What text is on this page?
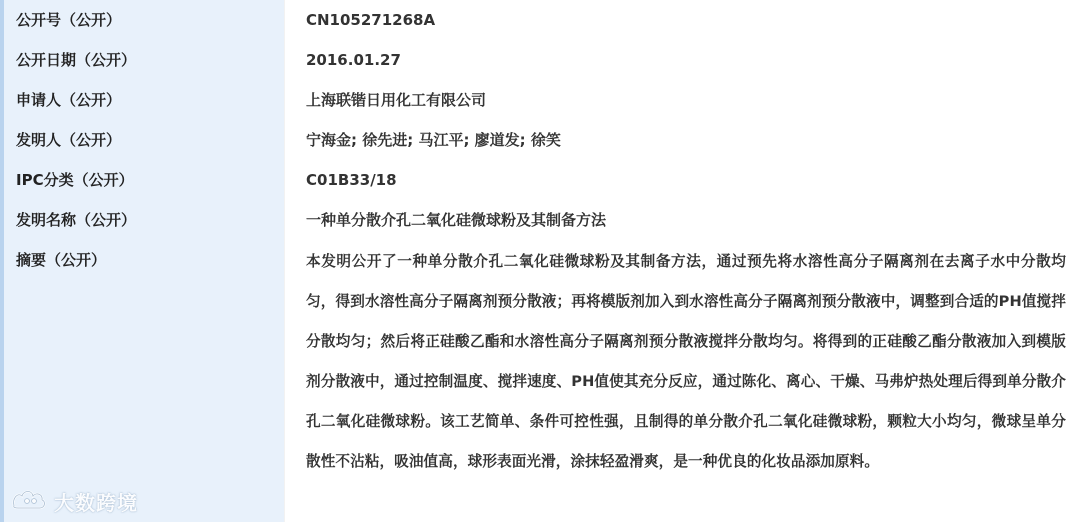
公开号（公开）	CN105271268A
公开日期（公开）	2016.01.27
申请人（公开）	上海联锴日用化工有限公司
发明人（公开）	宁海金; 徐先进; 马江平; 廖道发; 徐笑
IPC分类（公开）	C01B33/18
发明名称（公开）	一种单分散介孔二氧化硅微球粉及其制备方法
摘要（公开）	本发明公开了一种单分散介孔二氧化硅微球粉及其制备方法，通过预先将水溶性高分子隔离剂在去离子水中分散均匀，得到水溶性高分子隔离剂预分散液；再将模版剂加入到水溶性高分子隔离剂预分散液中，调整到合适的PH值搅拌分散均匀；然后将正硅酸乙酯和水溶性高分子隔离剂预分散液搅拌分散均匀。将得到的正硅酸乙酯分散液加入到模版剂分散液中，通过控制温度、搅拌速度、PH值使其充分反应，通过陈化、离心、干燥、马弗炉热处理后得到单分散介孔二氧化硅微球粉。该工艺简单、条件可控性强，且制得的单分散介孔二氧化硅微球粉，颗粒大小均匀，微球呈单分散性不沾粘，吸油值高，球形表面光滑，涂抹轻盈滑爽，是一种优良的化妆品添加原料。
大数跨境
